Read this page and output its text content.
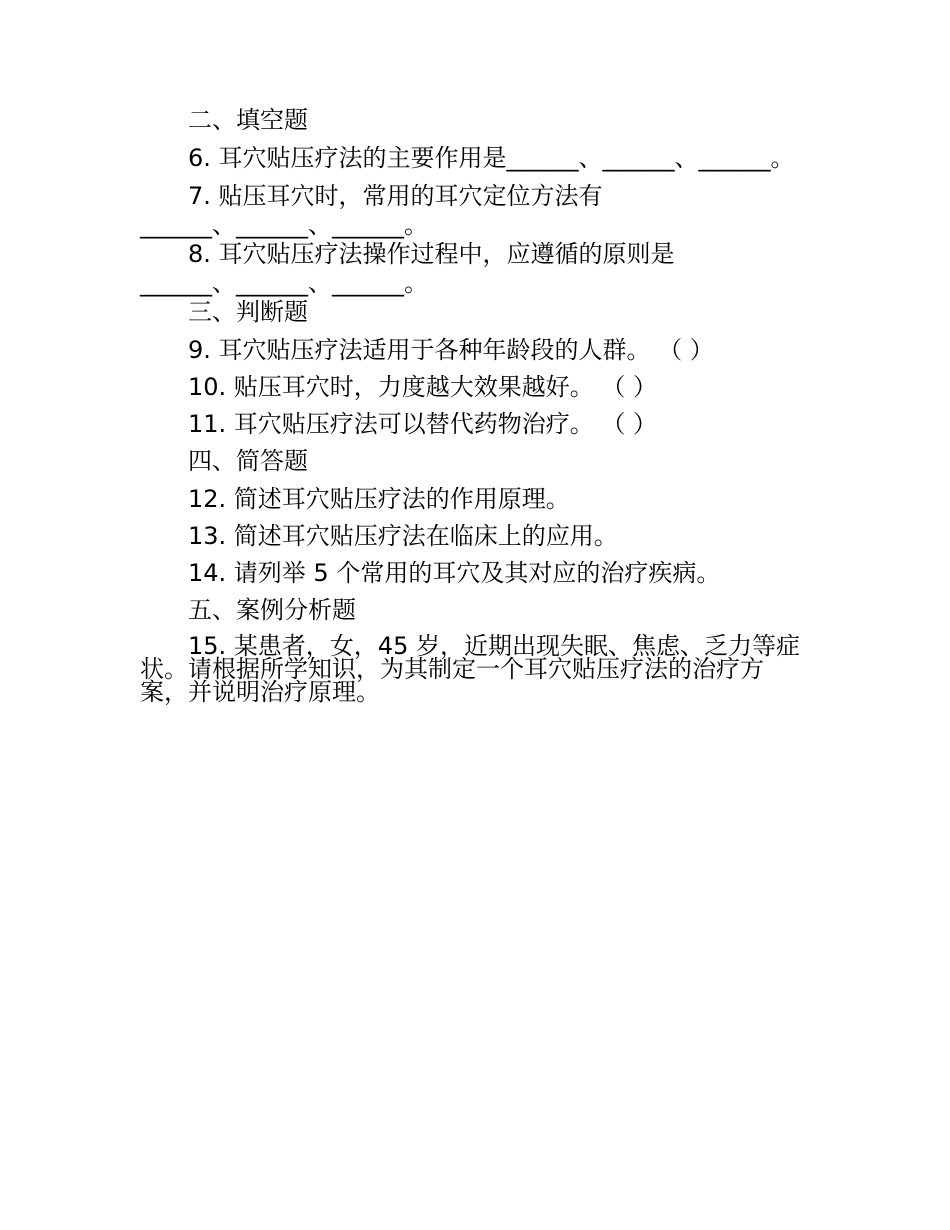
二、填空题
6. 耳穴贴压疗法的主要作用是______、______、______。
7. 贴压耳穴时，常用的耳穴定位方法有
______、______、______。
8. 耳穴贴压疗法操作过程中，应遵循的原则是
______、______、______。
三、判断题
9. 耳穴贴压疗法适用于各种年龄段的人群。 （ ）
10. 贴压耳穴时，力度越大效果越好。 （ ）
11. 耳穴贴压疗法可以替代药物治疗。 （ ）
四、简答题
12. 简述耳穴贴压疗法的作用原理。
13. 简述耳穴贴压疗法在临床上的应用。
14. 请列举 5 个常用的耳穴及其对应的治疗疾病。
五、案例分析题
15. 某患者，女，45 岁，近期出现失眠、焦虑、乏力等症
状。请根据所学知识，为其制定一个耳穴贴压疗法的治疗方
案，并说明治疗原理。
